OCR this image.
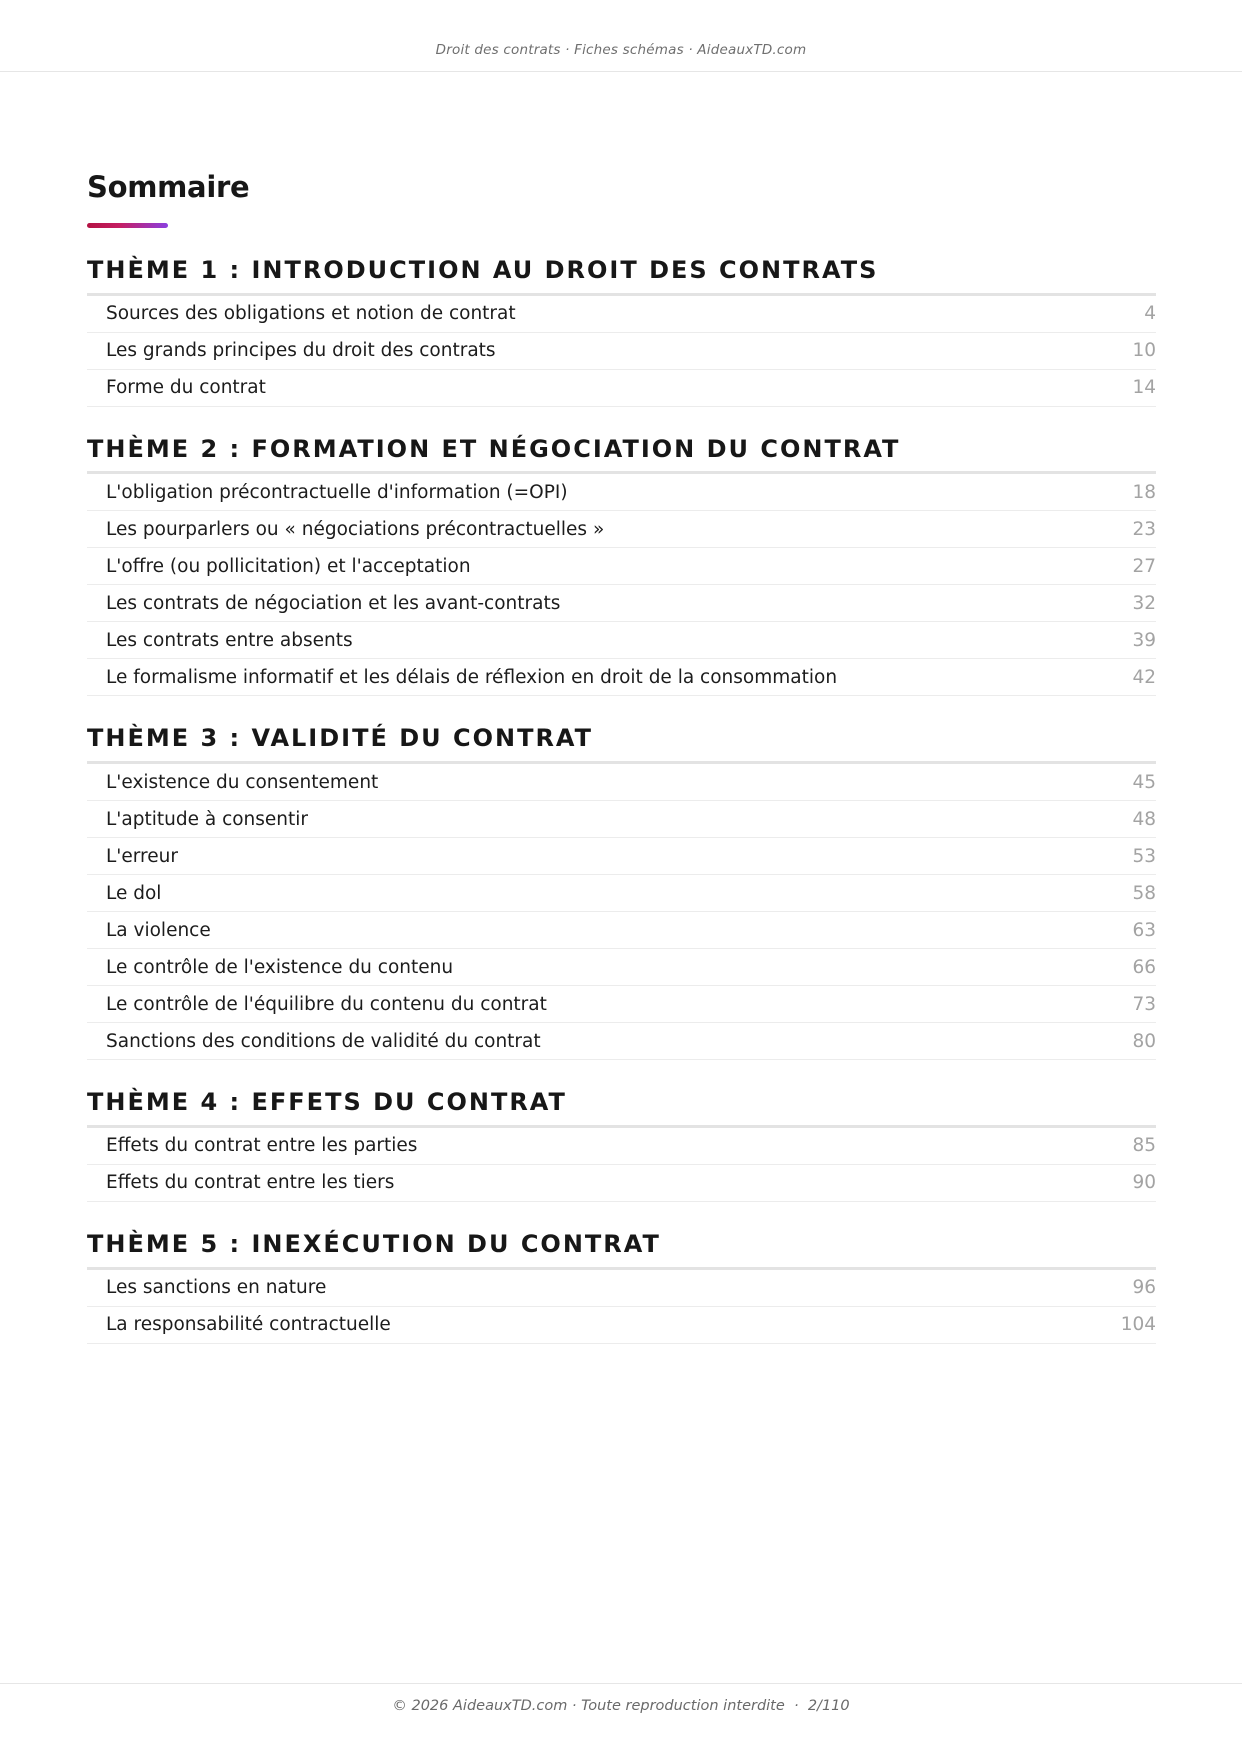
Droit des contrats · Fiches schémas · AideauxTD.com
Sommaire
THÈME 1 : INTRODUCTION AU DROIT DES CONTRATS
Sources des obligations et notion de contrat	4
Les grands principes du droit des contrats	10
Forme du contrat	14
THÈME 2 : FORMATION ET NÉGOCIATION DU CONTRAT
L'obligation précontractuelle d'information (=OPI)	18
Les pourparlers ou « négociations précontractuelles »	23
L'offre (ou pollicitation) et l'acceptation	27
Les contrats de négociation et les avant-contrats	32
Les contrats entre absents	39
Le formalisme informatif et les délais de réflexion en droit de la consommation	42
THÈME 3 : VALIDITÉ DU CONTRAT
L'existence du consentement	45
L'aptitude à consentir	48
L'erreur	53
Le dol	58
La violence	63
Le contrôle de l'existence du contenu	66
Le contrôle de l'équilibre du contenu du contrat	73
Sanctions des conditions de validité du contrat	80
THÈME 4 : EFFETS DU CONTRAT
Effets du contrat entre les parties	85
Effets du contrat entre les tiers	90
THÈME 5 : INEXÉCUTION DU CONTRAT
Les sanctions en nature	96
La responsabilité contractuelle	104
© 2026 AideauxTD.com · Toute reproduction interdite  ·  2/110
